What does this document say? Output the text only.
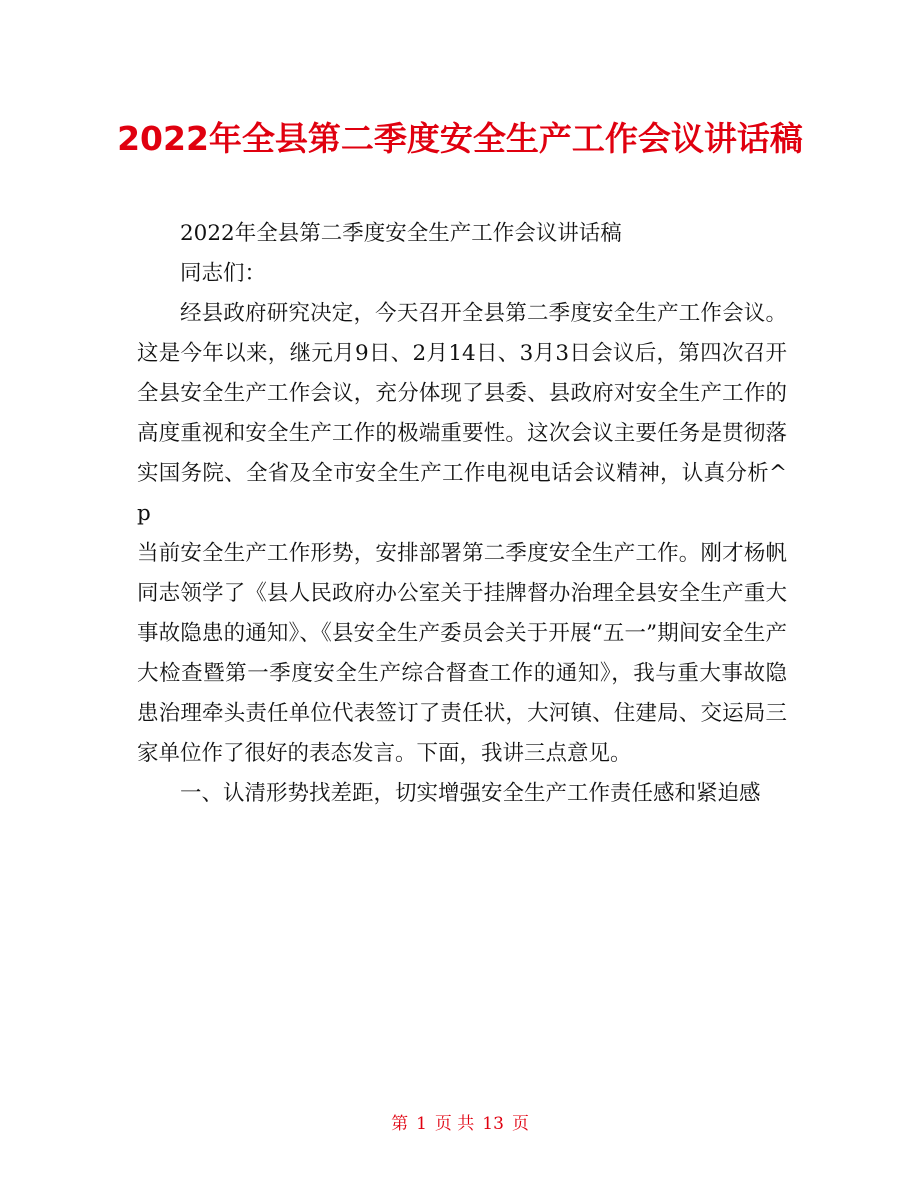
2022年全县第二季度安全生产工作会议讲话稿

2022年全县第二季度安全生产工作会议讲话稿

同志们：

经县政府研究决定，今天召开全县第二季度安全生产工作会议。这是今年以来，继元月9日、2月14日、3月3日会议后，第四次召开全县安全生产工作会议，充分体现了县委、县政府对安全生产工作的高度重视和安全生产工作的极端重要性。这次会议主要任务是贯彻落实国务院、全省及全市安全生产工作电视电话会议精神，认真分析^p

当前安全生产工作形势，安排部署第二季度安全生产工作。刚才杨帆同志领学了《县人民政府办公室关于挂牌督办治理全县安全生产重大事故隐患的通知》、《县安全生产委员会关于开展“五一”期间安全生产大检查暨第一季度安全生产综合督查工作的通知》，我与重大事故隐患治理牵头责任单位代表签订了责任状，大河镇、住建局、交运局三家单位作了很好的表态发言。下面，我讲三点意见。

一、认清形势找差距，切实增强安全生产工作责任感和紧迫感

第 1 页 共 13 页
